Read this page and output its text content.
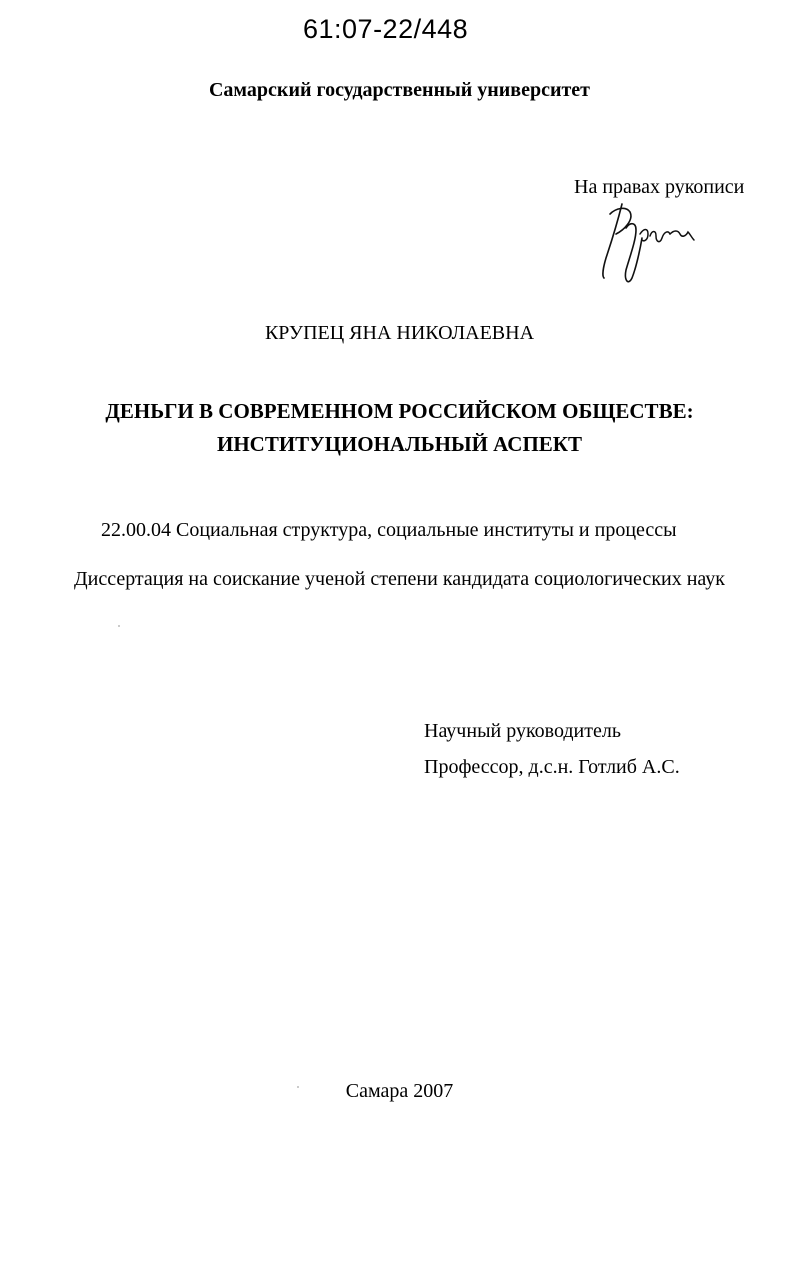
61:07-22/448
Самарский государственный университет
На правах рукописи
КРУПЕЦ ЯНА НИКОЛАЕВНА
ДЕНЬГИ В СОВРЕМЕННОМ РОССИЙСКОМ ОБЩЕСТВЕ:
ИНСТИТУЦИОНАЛЬНЫЙ АСПЕКТ
22.00.04 Социальная структура, социальные институты и процессы
Диссертация на соискание ученой степени кандидата социологических наук
Научный руководитель
Профессор, д.с.н. Готлиб А.С.
Самара 2007
